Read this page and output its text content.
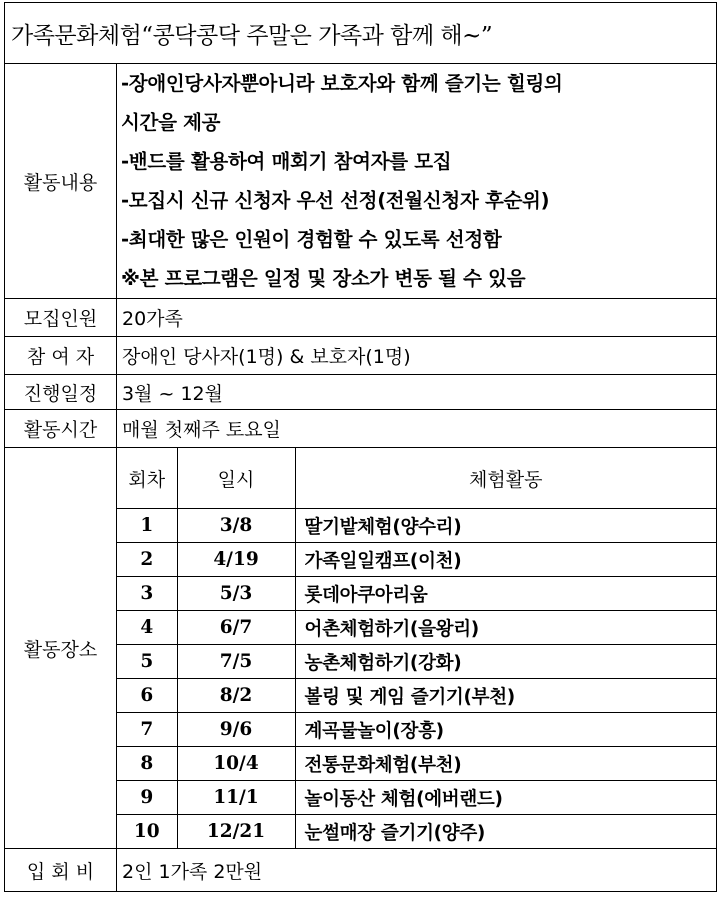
가족문화체험“콩닥콩닥 주말은 가족과 함께 해~”
활동내용	
-장애인당사자뿐아니라 보호자와 함께 즐기는 힐링의
시간을 제공
-밴드를 활용하여 매회기 참여자를 모집
-모집시 신규 신청자 우선 선정(전월신청자 후순위)
-최대한 많은 인원이 경험할 수 있도록 선정함
※본 프로그램은 일정 및 장소가 변동 될 수 있음

모집인원	20가족
참 여 자	장애인 당사자(1명) & 보호자(1명)
진행일정	3월 ~ 12월
활동시간	매월 첫째주 토요일
활동장소	
회차	일시	체험활동
1	3/8	딸기밭체험(양수리)
2	4/19	가족일일캠프(이천)
3	5/3	롯데아쿠아리움
4	6/7	어촌체험하기(을왕리)
5	7/5	농촌체험하기(강화)
6	8/2	볼링 및 게임 즐기기(부천)
7	9/6	계곡물놀이(장흥)
8	10/4	전통문화체험(부천)
9	11/1	놀이동산 체험(에버랜드)
10	12/21	눈썰매장 즐기기(양주)

입 회 비	2인 1가족 2만원
